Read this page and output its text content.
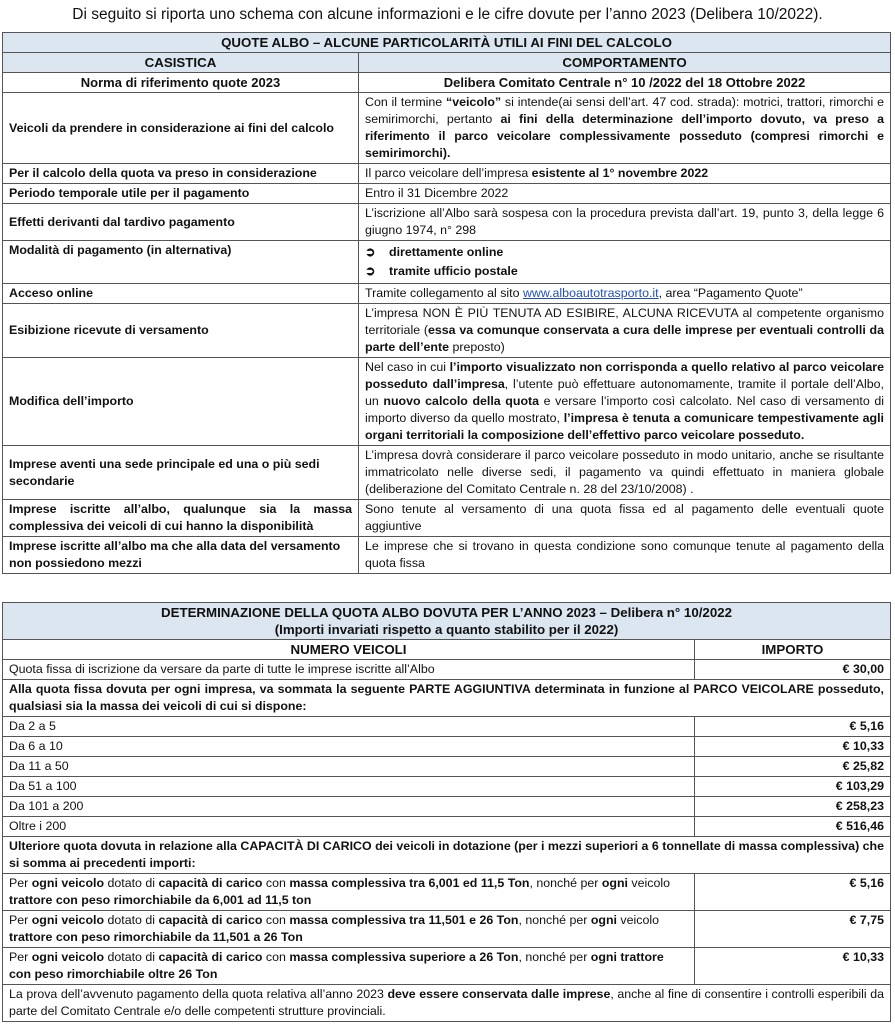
Di seguito si riporta uno schema con alcune informazioni e le cifre dovute per l’anno 2023 (Delibera 10/2022).
QUOTE ALBO – ALCUNE PARTICOLARITÀ UTILI AI FINI DEL CALCOLO	
CASISTICA	COMPORTAMENTO
Norma di riferimento quote 2023	Delibera Comitato Centrale n° 10 /2022 del 18 Ottobre 2022
Veicoli da prendere in considerazione ai fini del calcolo	Con il termine “veicolo” si intende(ai sensi dell’art. 47 cod. strada): motrici, trattori, rimorchi e semirimorchi, pertanto ai fini della determinazione dell’importo dovuto, va preso a riferimento il parco veicolare complessivamente posseduto (compresi rimorchi e semirimorchi).
Per il calcolo della quota va preso in considerazione	Il parco veicolare dell’impresa esistente al 1° novembre 2022
Periodo temporale utile per il pagamento	Entro il 31 Dicembre 2022
Effetti derivanti dal tardivo pagamento	L’iscrizione all’Albo sarà sospesa con la procedura prevista dall’art. 19, punto 3, della legge 6 giugno 1974, n° 298
Modalità di pagamento (in alternativa)	➲ direttamente online
➲ tramite ufficio postale

Acceso online	Tramite collegamento al sito www.alboautotrasporto.it, area “Pagamento Quote”
Esibizione ricevute di versamento	L’impresa NON È PIÙ TENUTA AD ESIBIRE, ALCUNA RICEVUTA al competente organismo territoriale (essa va comunque conservata a cura delle imprese per eventuali controlli da parte dell’ente preposto)
Modifica dell’importo	Nel caso in cui l’importo visualizzato non corrisponda a quello relativo al parco veicolare posseduto dall’impresa, l’utente può effettuare autonomamente, tramite il portale dell’Albo, un nuovo calcolo della quota e versare l’importo così calcolato. Nel caso di versamento di importo diverso da quello mostrato, l’impresa è tenuta a comunicare tempestivamente agli organi territoriali la composizione dell’effettivo parco veicolare posseduto.
Imprese aventi una sede principale ed una o più sedi secondarie	L’impresa dovrà considerare il parco veicolare posseduto in modo unitario, anche se risultante immatricolato nelle diverse sedi, il pagamento va quindi effettuato in maniera globale (deliberazione del Comitato Centrale n. 28 del 23/10/2008) .
Imprese iscritte all’albo, qualunque sia la massa complessiva dei veicoli di cui hanno la disponibilità	Sono tenute al versamento di una quota fissa ed al pagamento delle eventuali quote aggiuntive
Imprese iscritte all’albo ma che alla data del versamento non possiedono mezzi	Le imprese che si trovano in questa condizione sono comunque tenute al pagamento della quota fissa
DETERMINAZIONE DELLA QUOTA ALBO DOVUTA PER L’ANNO 2023 – Delibera n° 10/2022
(Importi invariati rispetto a quanto stabilito per il 2022)	

NUMERO VEICOLI	IMPORTO
Quota fissa di iscrizione da versare da parte di tutte le imprese iscritte all’Albo	€ 30,00
Alla quota fissa dovuta per ogni impresa, va sommata la seguente PARTE AGGIUNTIVA determinata in funzione al PARCO VEICOLARE posseduto, qualsiasi sia la massa dei veicoli di cui si dispone:	
Da 2 a 5	€ 5,16
Da 6 a 10	€ 10,33
Da 11 a 50	€ 25,82
Da 51 a 100	€ 103,29
Da 101 a 200	€ 258,23
Oltre i 200	€ 516,46
Ulteriore quota dovuta in relazione alla CAPACITÀ DI CARICO dei veicoli in dotazione (per i mezzi superiori a 6 tonnellate di massa complessiva) che si somma ai precedenti importi:	
Per ogni veicolo dotato di capacità di carico con massa complessiva tra 6,001 ed 11,5 Ton, nonché per ogni veicolo trattore con peso rimorchiabile da 6,001 ad 11,5 ton	€ 5,16
Per ogni veicolo dotato di capacità di carico con massa complessiva tra 11,501 e 26 Ton, nonché per ogni veicolo trattore con peso rimorchiabile da 11,501 a 26 Ton	€ 7,75
Per ogni veicolo dotato di capacità di carico con massa complessiva superiore a 26 Ton, nonché per ogni trattore con peso rimorchiabile oltre 26 Ton	€ 10,33
La prova dell’avvenuto pagamento della quota relativa all’anno 2023 deve essere conservata dalle imprese, anche al fine di consentire i controlli esperibili da parte del Comitato Centrale e/o delle competenti strutture provinciali.	
